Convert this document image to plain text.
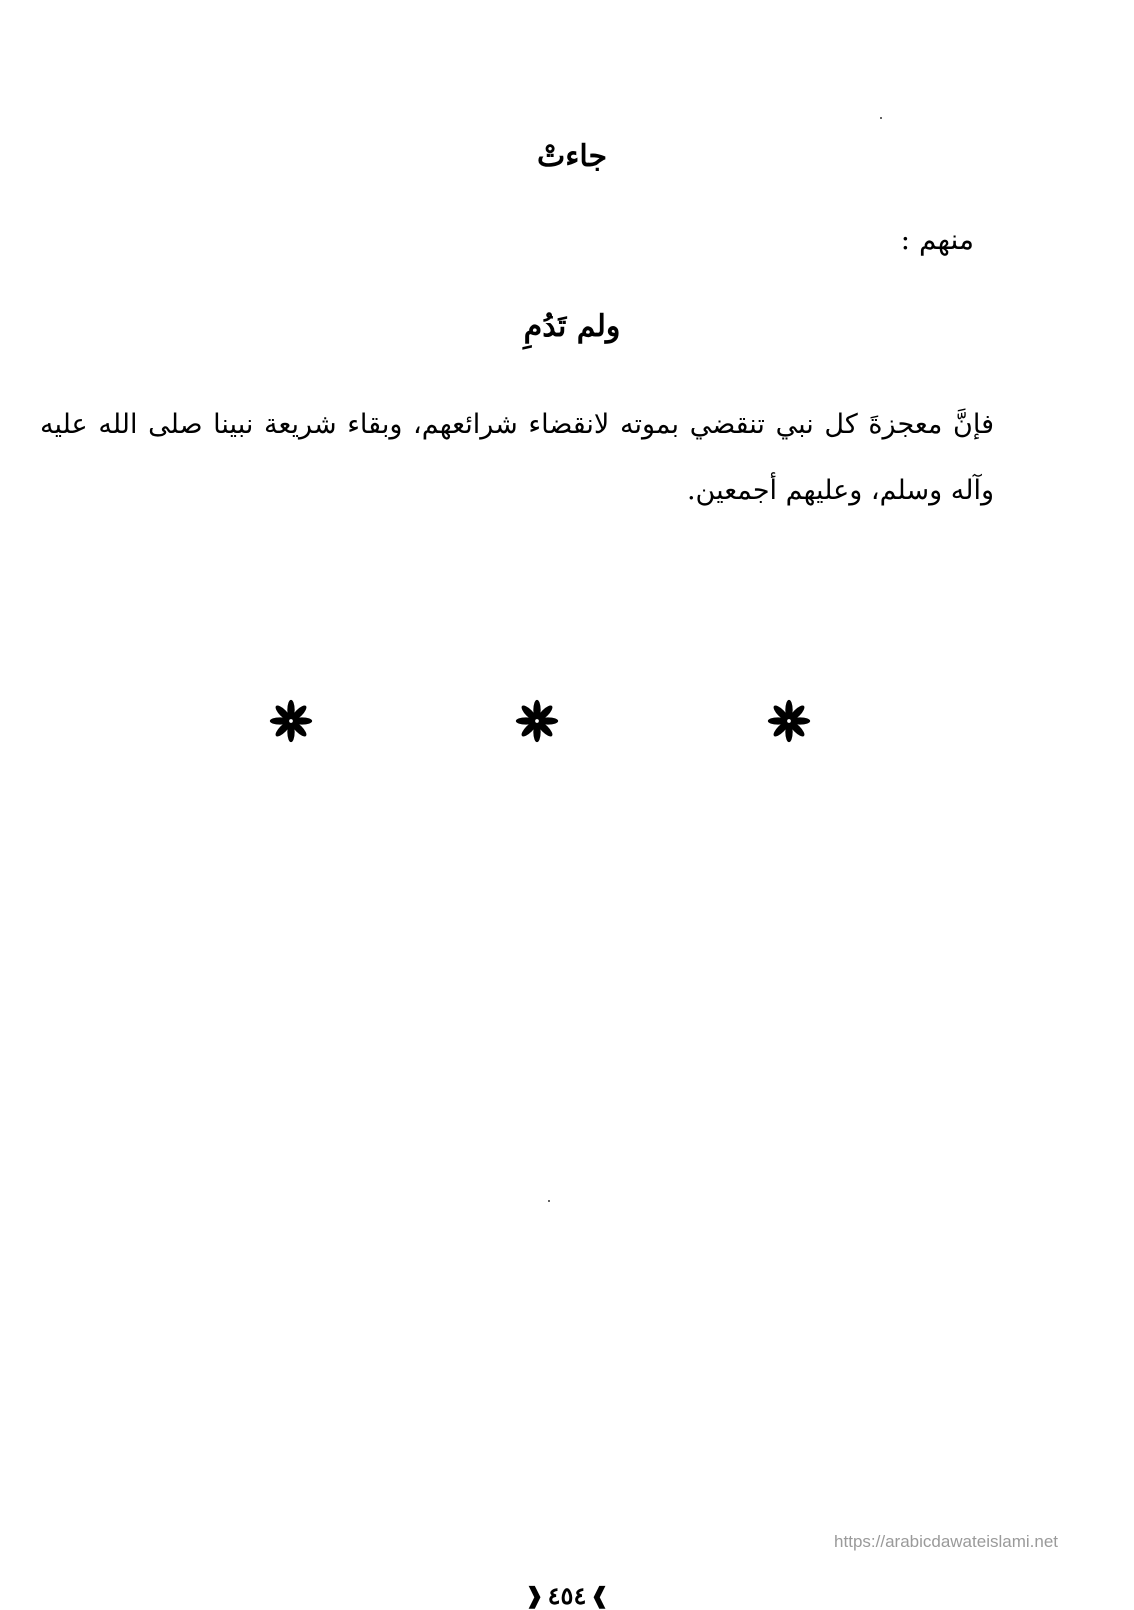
جاءتْ
منهم :
ولم تَدُمِ
فإنَّ معجزةَ كل نبي تنقضي بموته لانقضاء شرائعهم، وبقاء شريعة نبينا صلى الله عليه وآله وسلم، وعليهم أجمعين.
https://arabicdawateislami.net
❱ ٤٥٤ ❰
